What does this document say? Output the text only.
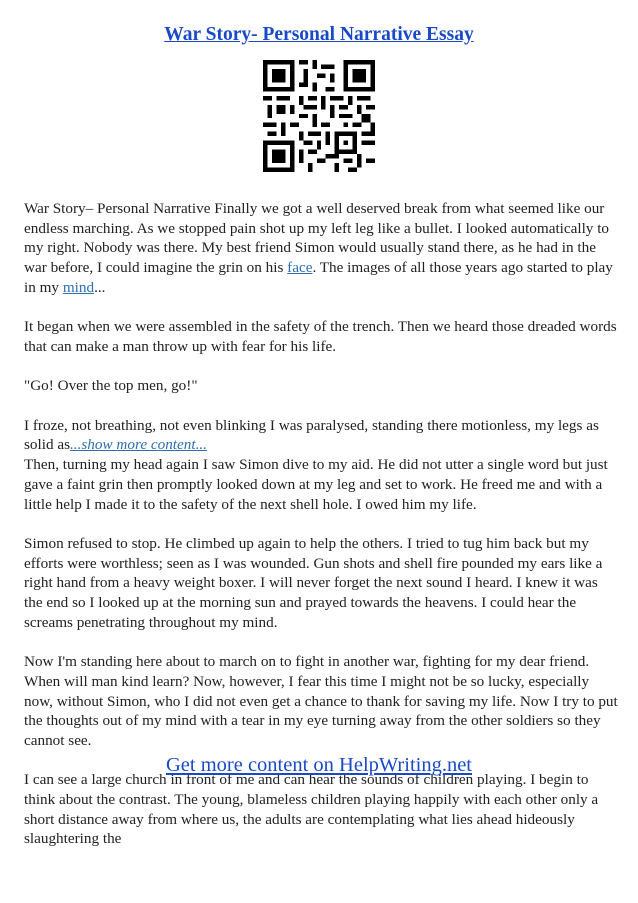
War Story- Personal Narrative Essay

War Story– Personal Narrative Finally we got a well deserved break from what seemed like our endless marching. As we stopped pain shot up my left leg like a bullet. I looked automatically to my right. Nobody was there. My best friend Simon would usually stand there, as he had in the war before, I could imagine the grin on his face. The images of all those years ago started to play in my mind...

It began when we were assembled in the safety of the trench. Then we heard those dreaded words that can make a man throw up with fear for his life.

"Go! Over the top men, go!"

I froze, not breathing, not even blinking I was paralysed, standing there motionless, my legs as solid as...show more content...
Then, turning my head again I saw Simon dive to my aid. He did not utter a single word but just gave a faint grin then promptly looked down at my leg and set to work. He freed me and with a little help I made it to the safety of the next shell hole. I owed him my life.

Simon refused to stop. He climbed up again to help the others. I tried to tug him back but my efforts were worthless; seen as I was wounded. Gun shots and shell fire pounded my ears like a right hand from a heavy weight boxer. I will never forget the next sound I heard. I knew it was the end so I looked up at the morning sun and prayed towards the heavens. I could hear the screams penetrating throughout my mind.

Now I'm standing here about to march on to fight in another war, fighting for my dear friend. When will man kind learn? Now, however, I fear this time I might not be so lucky, especially now, without Simon, who I did not even get a chance to thank for saving my life. Now I try to put the thoughts out of my mind with a tear in my eye turning away from the other soldiers so they cannot see.

I can see a large church in front of me and can hear the sounds of children playing. I begin to think about the contrast. The young, blameless children playing happily with each other only a short distance away from where us, the adults are contemplating what lies ahead hideously slaughtering the

Get more content on HelpWriting.net
